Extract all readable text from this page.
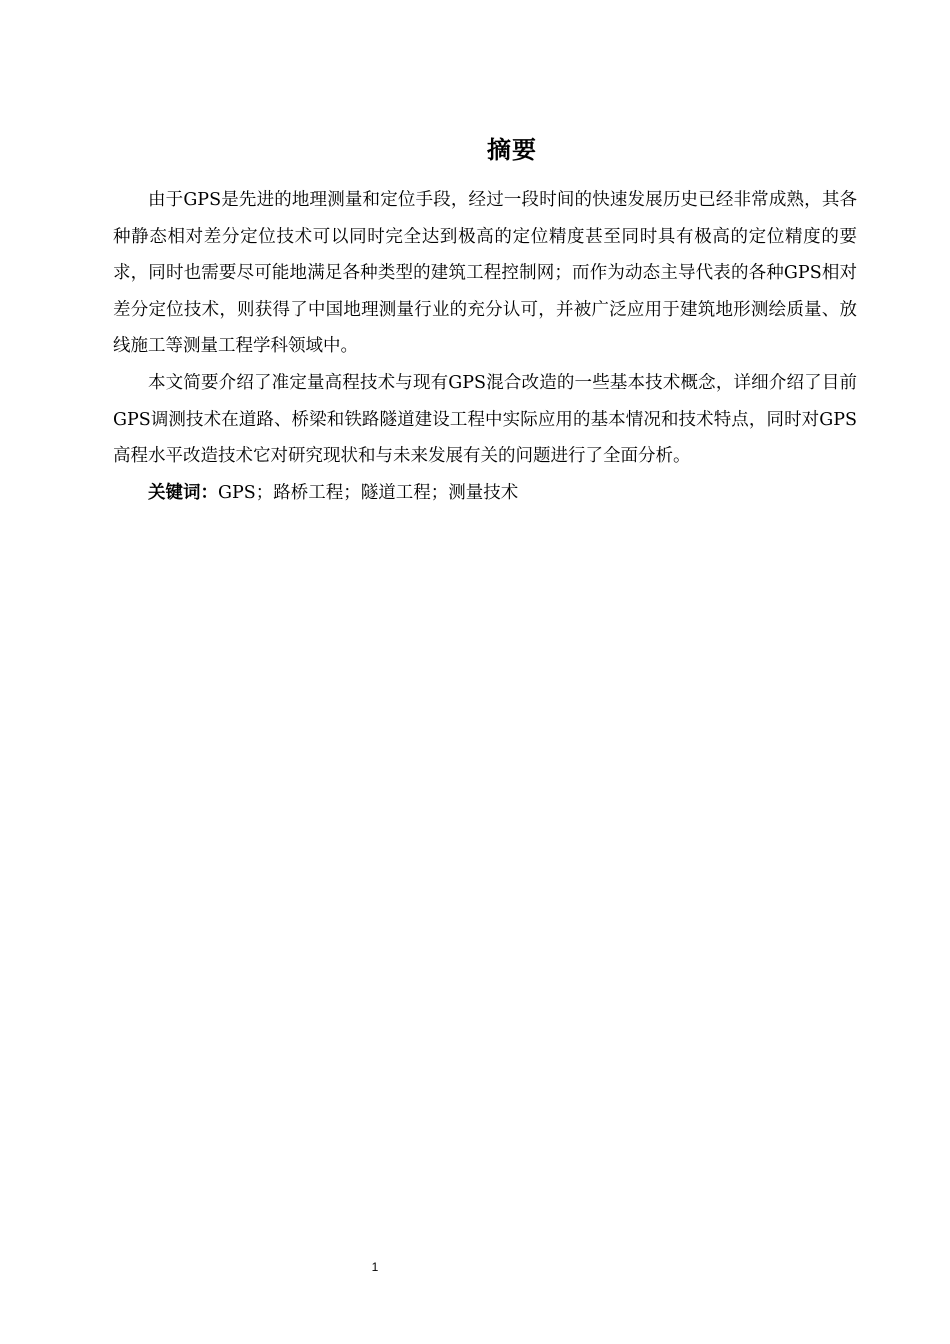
摘要

由于GPS是先进的地理测量和定位手段，经过一段时间的快速发展历史已经非常成熟，其各种静态相对差分定位技术可以同时完全达到极高的定位精度甚至同时具有极高的定位精度的要求，同时也需要尽可能地满足各种类型的建筑工程控制网；而作为动态主导代表的各种GPS相对差分定位技术，则获得了中国地理测量行业的充分认可，并被广泛应用于建筑地形测绘质量、放线施工等测量工程学科领域中。

本文简要介绍了准定量高程技术与现有GPS混合改造的一些基本技术概念，详细介绍了目前GPS调测技术在道路、桥梁和铁路隧道建设工程中实际应用的基本情况和技术特点，同时对GPS高程水平改造技术它对研究现状和与未来发展有关的问题进行了全面分析。

关键词：GPS；路桥工程；隧道工程；测量技术

1
